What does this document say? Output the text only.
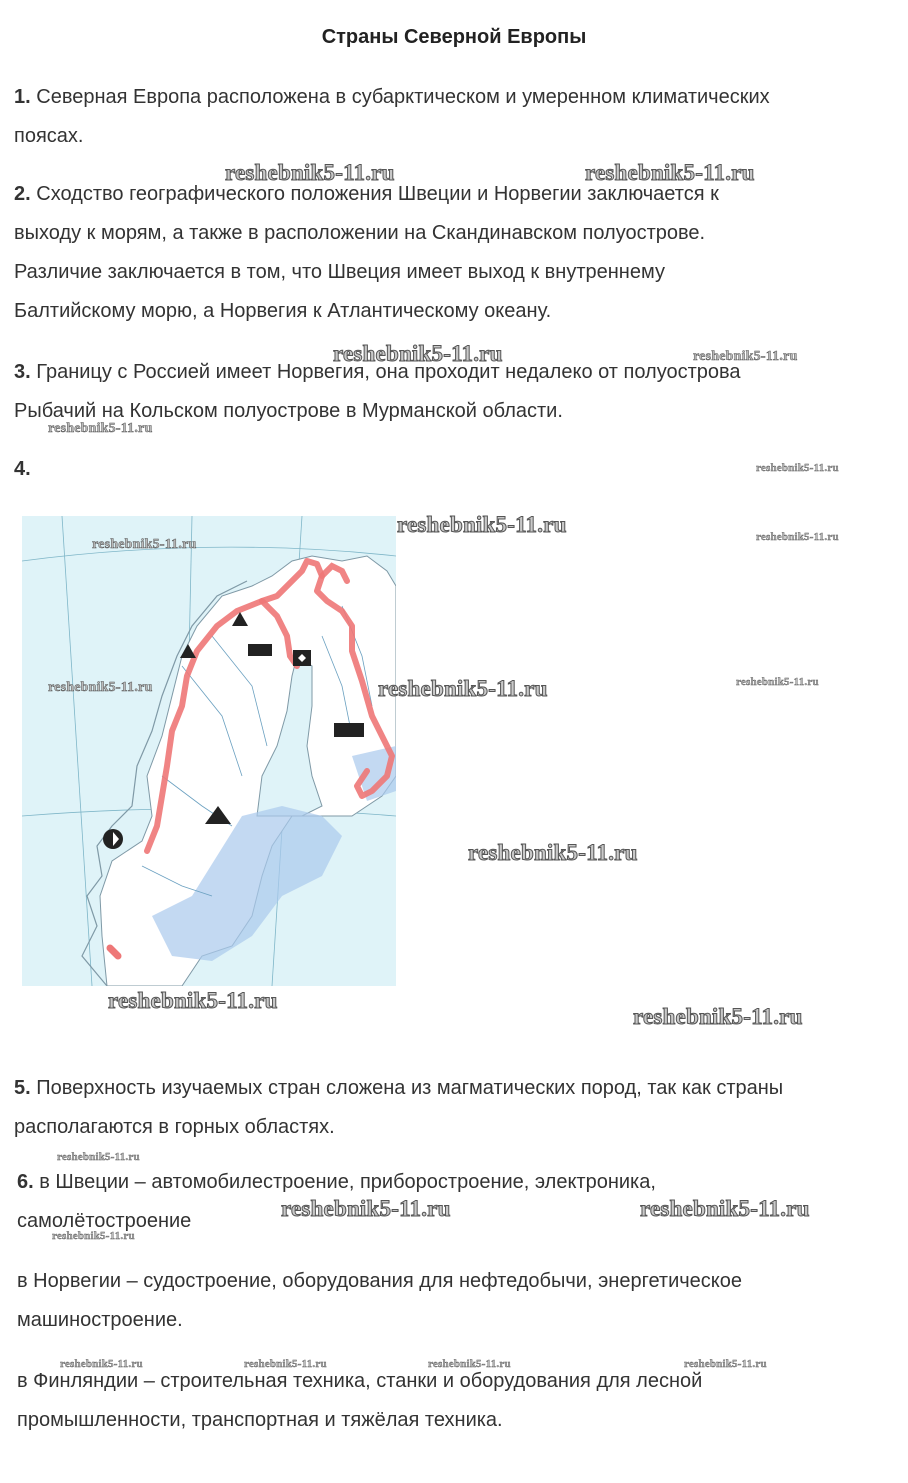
Страны Северной Европы
1. Северная Европа расположена в субарктическом и умеренном климатических
поясах.
2. Сходство географического положения Швеции и Норвегии заключается к
выходу к морям, а также в расположении на Скандинавском полуострове.
Различие заключается в том, что Швеция имеет выход к внутреннему
Балтийскому морю, а Норвегия к Атлантическому океану.
3. Границу с Россией имеет Норвегия, она проходит недалеко от полуострова
Рыбачий на Кольском полуострове в Мурманской области.
4.
5. Поверхность изучаемых стран сложена из магматических пород, так как страны
располагаются в горных областях.
6. в Швеции – автомобилестроение, приборостроение, электроника,
самолётостроение
в Норвегии – судостроение, оборудования для нефтедобычи, энергетическое
машиностроение.
в Финляндии – строительная техника, станки и оборудования для лесной
промышленности, транспортная и тяжёлая техника.
reshebnik5-11.ru	reshebnik5-11.ru
reshebnik5-11.ru	reshebnik5-11.ru
reshebnik5-11.ru
reshebnik5-11.ru
reshebnik5-11.ru	reshebnik5-11.ru
reshebnik5-11.ru
reshebnik5-11.ru
reshebnik5-11.ru	reshebnik5-11.ru
reshebnik5-11.ru
reshebnik5-11.ru
reshebnik5-11.ru
reshebnik5-11.ru
reshebnik5-11.ru	reshebnik5-11.ru
reshebnik5-11.ru
reshebnik5-11.ru	reshebnik5-11.ru	reshebnik5-11.ru	reshebnik5-11.ru
